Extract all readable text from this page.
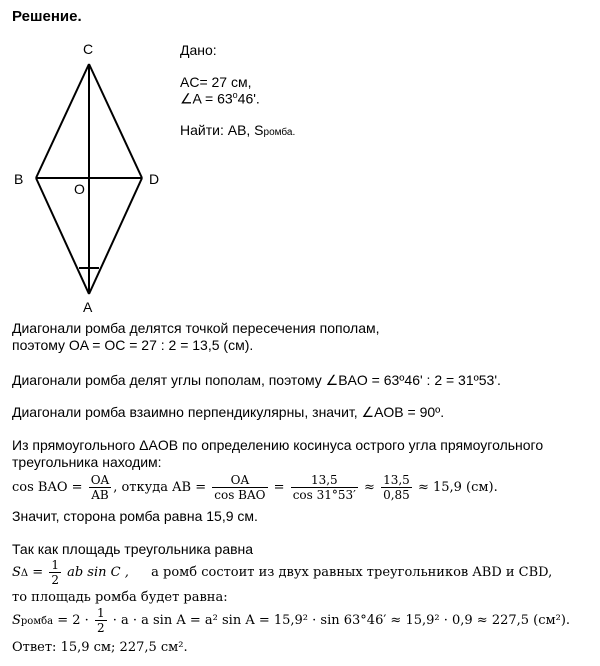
Решение.
C
B
O
D
A
Дано:
AC= 27 см,
∠A = $63^o46'$.
Найти: AB, Sромба.
Диагонали ромба делятся точкой пересечения пополам,
поэтому OA = OC = 27 : 2 = 13,5 (см).
Диагонали ромба делят углы пополам, поэтому ∠BAO = 63º46' : 2 = 31º53'.
Диагонали ромба взаимно перпендикулярны, значит, ∠AOB = 90º.
Из прямоугольного ΔAOB по определению косинуса острого угла прямоугольного
треугольника находим:
cos BAO = $\frac{OA}{AB}$ , откуда AB = $\frac{OA}{\text{cos BAO}} = \frac{13,5}{\cos 31^\circ 53'} \approx \frac{13,5}{0,85} \approx 15,9$ (см).
Значит, сторона ромба равна 15,9 см.
Так как площадь треугольника равна
$S\Delta = \frac{1}{2}$ ab sin C , а ромб состоит из двух равных треугольников ABD и CBD,
то площадь ромба будет равна:
Sромба = $2 \cdot \frac{1}{2} \cdot a \cdot a$ sin A = a² sin A = 15,9² · sin 63°46′ ≈ 15,9² · 0,9 ≈ 227,5 (см²).
Ответ: 15,9 см; 227,5 см².
